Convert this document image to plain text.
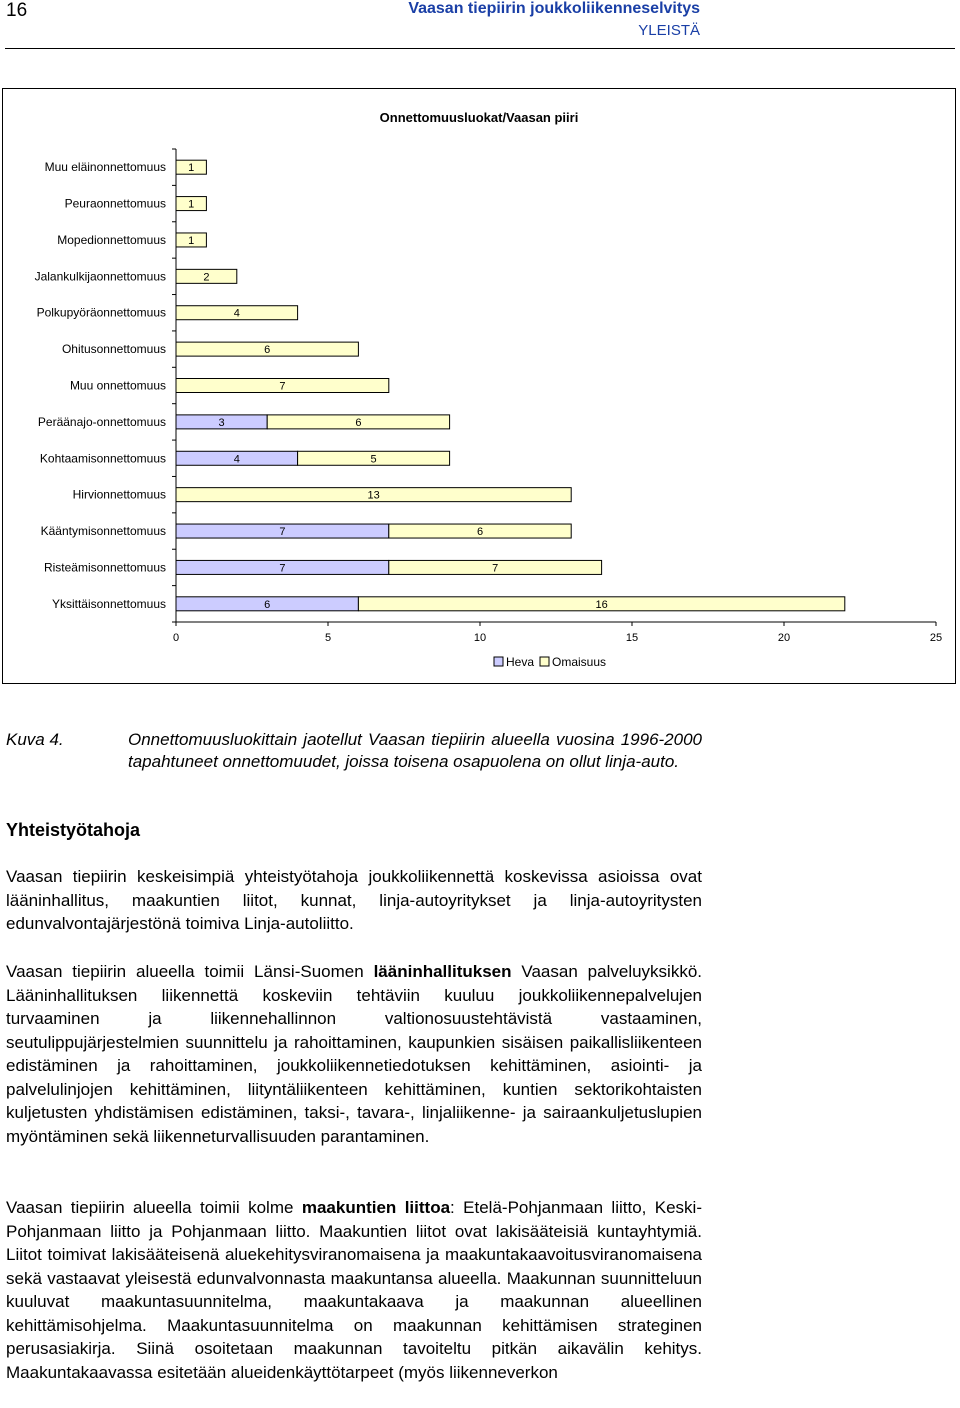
16	Vaasan tiepiirin joukkoliikenneselvitys
YLEISTÄ
Onnettomuusluokat/Vaasan piiri
0	5	10	15	20	25
Muu eläinonnettomuus 1
Peuraonnettomuus 1
Mopedionnettomuus 1
Jalankulkijaonnettomuus	2
Polkupyöräonnettomuus	4
Ohitusonnettomuus	6
Muu onnettomuus	7
Peräänajo-onnettomuus	3	6
Kohtaamisonnettomuus	4	5
Hirvionnettomuus	13
Kääntymisonnettomuus	7	6
Risteämisonnettomuus	7	7
Yksittäisonnettomuus	6	16
Heva Omaisuus
Kuva 4.	Onnettomuusluokittain jaotellut Vaasan tiepiirin alueella vuosina 1996-2000 tapahtuneet onnettomuudet, joissa toisena osapuolena on ollut linja-auto.
Yhteistyötahoja
Vaasan tiepiirin keskeisimpiä yhteistyötahoja joukkoliikennettä koskevissa asioissa ovat lääninhallitus, maakuntien liitot, kunnat, linja-autoyritykset ja linja-autoyritysten edunvalvontajärjestönä toimiva Linja-autoliitto.
Vaasan tiepiirin alueella toimii Länsi-Suomen lääninhallituksen Vaasan palveluyksikkö. Lääninhallituksen liikennettä koskeviin tehtäviin kuuluu joukkoliikennepalvelujen turvaaminen ja liikennehallinnon valtionosuustehtävistä vastaaminen, seutulippujärjestelmien suunnittelu ja rahoittaminen, kaupunkien sisäisen paikallisliikenteen edistäminen ja rahoittaminen, joukkoliikennetiedotuksen kehittäminen, asiointi- ja palvelulinjojen kehittäminen, liityntäliikenteen kehittäminen, kuntien sektorikohtaisten kuljetusten yhdistämisen edistäminen, taksi-, tavara-, linjaliikenne- ja sairaankuljetuslupien myöntäminen sekä liikenneturvallisuuden parantaminen.
Vaasan tiepiirin alueella toimii kolme maakuntien liittoa: Etelä-Pohjanmaan liitto, Keski-Pohjanmaan liitto ja Pohjanmaan liitto. Maakuntien liitot ovat lakisääteisiä kuntayhtymiä. Liitot toimivat lakisääteisenä aluekehitysviranomaisena ja maakuntakaavoitusviranomaisena sekä vastaavat yleisestä edunvalvonnasta maakuntansa alueella. Maakunnan suunnitteluun kuuluvat maakuntasuunnitelma, maakuntakaava ja maakunnan alueellinen kehittämisohjelma. Maakuntasuunnitelma on maakunnan kehittämisen strateginen perusasiakirja. Siinä osoitetaan maakunnan tavoiteltu pitkän aikavälin kehitys. Maakuntakaavassa esitetään alueidenkäyttötarpeet (myös liikenneverkon
